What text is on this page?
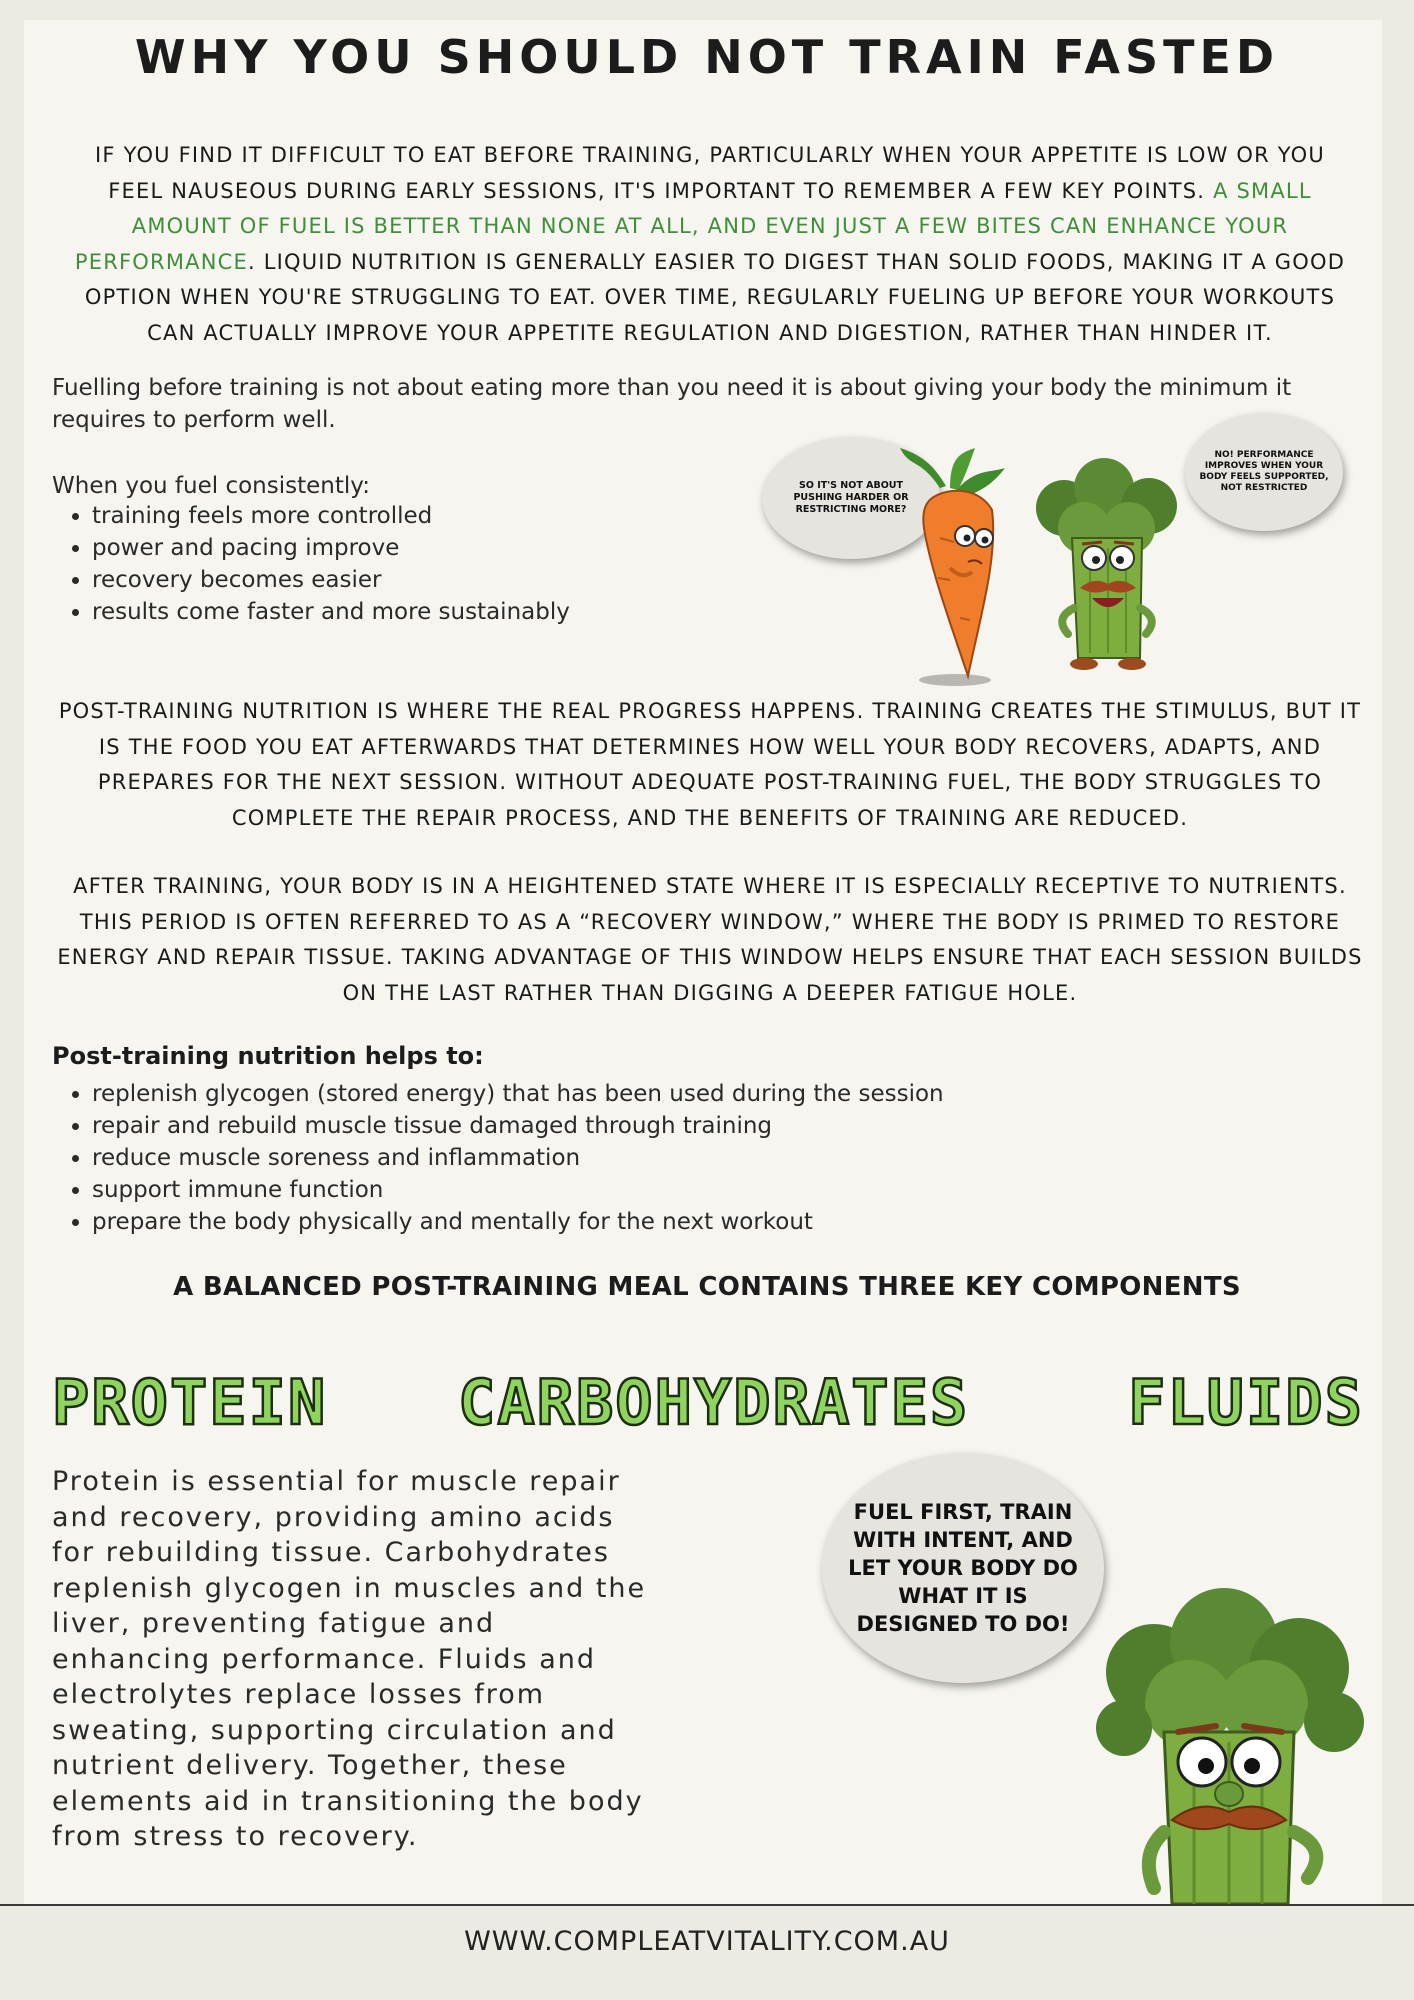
WHY YOU SHOULD NOT TRAIN FASTED

IF YOU FIND IT DIFFICULT TO EAT BEFORE TRAINING, PARTICULARLY WHEN YOUR APPETITE IS LOW OR YOU FEEL NAUSEOUS DURING EARLY SESSIONS, IT'S IMPORTANT TO REMEMBER A FEW KEY POINTS. A SMALL AMOUNT OF FUEL IS BETTER THAN NONE AT ALL, AND EVEN JUST A FEW BITES CAN ENHANCE YOUR PERFORMANCE. LIQUID NUTRITION IS GENERALLY EASIER TO DIGEST THAN SOLID FOODS, MAKING IT A GOOD OPTION WHEN YOU'RE STRUGGLING TO EAT. OVER TIME, REGULARLY FUELING UP BEFORE YOUR WORKOUTS CAN ACTUALLY IMPROVE YOUR APPETITE REGULATION AND DIGESTION, RATHER THAN HINDER IT.

Fuelling before training is not about eating more than you need it is about giving your body the minimum it requires to perform well.

When you fuel consistently:

• training feels more controlled
• power and pacing improve
• recovery becomes easier
• results come faster and more sustainably
SO IT'S NOT ABOUT PUSHING HARDER OR RESTRICTING MORE?
NO! PERFORMANCE IMPROVES WHEN YOUR BODY FEELS SUPPORTED, NOT RESTRICTED

POST-TRAINING NUTRITION IS WHERE THE REAL PROGRESS HAPPENS. TRAINING CREATES THE STIMULUS, BUT IT IS THE FOOD YOU EAT AFTERWARDS THAT DETERMINES HOW WELL YOUR BODY RECOVERS, ADAPTS, AND PREPARES FOR THE NEXT SESSION. WITHOUT ADEQUATE POST-TRAINING FUEL, THE BODY STRUGGLES TO COMPLETE THE REPAIR PROCESS, AND THE BENEFITS OF TRAINING ARE REDUCED.

AFTER TRAINING, YOUR BODY IS IN A HEIGHTENED STATE WHERE IT IS ESPECIALLY RECEPTIVE TO NUTRIENTS. THIS PERIOD IS OFTEN REFERRED TO AS A “RECOVERY WINDOW,” WHERE THE BODY IS PRIMED TO RESTORE ENERGY AND REPAIR TISSUE. TAKING ADVANTAGE OF THIS WINDOW HELPS ENSURE THAT EACH SESSION BUILDS ON THE LAST RATHER THAN DIGGING A DEEPER FATIGUE HOLE.

Post-training nutrition helps to:

• replenish glycogen (stored energy) that has been used during the session
• repair and rebuild muscle tissue damaged through training
• reduce muscle soreness and inflammation
• support immune function
• prepare the body physically and mentally for the next workout
A BALANCED POST-TRAINING MEAL CONTAINS THREE KEY COMPONENTS

PROTEIN CARBOHYDRATES	FLUIDS

Protein is essential for muscle repair and recovery, providing amino acids for rebuilding tissue. Carbohydrates replenish glycogen in muscles and the liver, preventing fatigue and enhancing performance. Fluids and electrolytes replace losses from sweating, supporting circulation and nutrient delivery. Together, these elements aid in transitioning the body from stress to recovery.

FUEL FIRST, TRAIN WITH INTENT, AND LET YOUR BODY DO WHAT IT IS DESIGNED TO DO!

WWW.COMPLEATVITALITY.COM.AU
